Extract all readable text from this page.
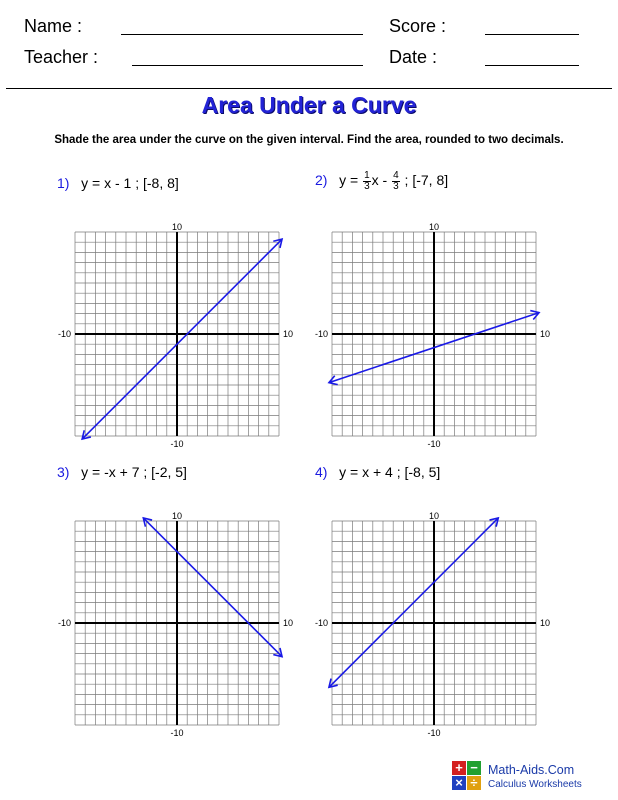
Name :	Score :
Teacher :	Date :
Area Under a Curve
Shade the area under the curve on the given interval. Find the area, rounded to two decimals.
1) y = x - 1 ; [-8, 8]	2) $y = \frac{1}{3}$ x - $\frac{4}{3}$ ; [-7, 8]
3) y = -x + 7 ; [-2, 5]	4) y = x + 4 ; [-8, 5]
10
-10
-10	10
10
-10
-10	10
10
-10
-10	10
10
-10
-10	10
+ −
× ÷
Math-Aids.Com
Calculus Worksheets
